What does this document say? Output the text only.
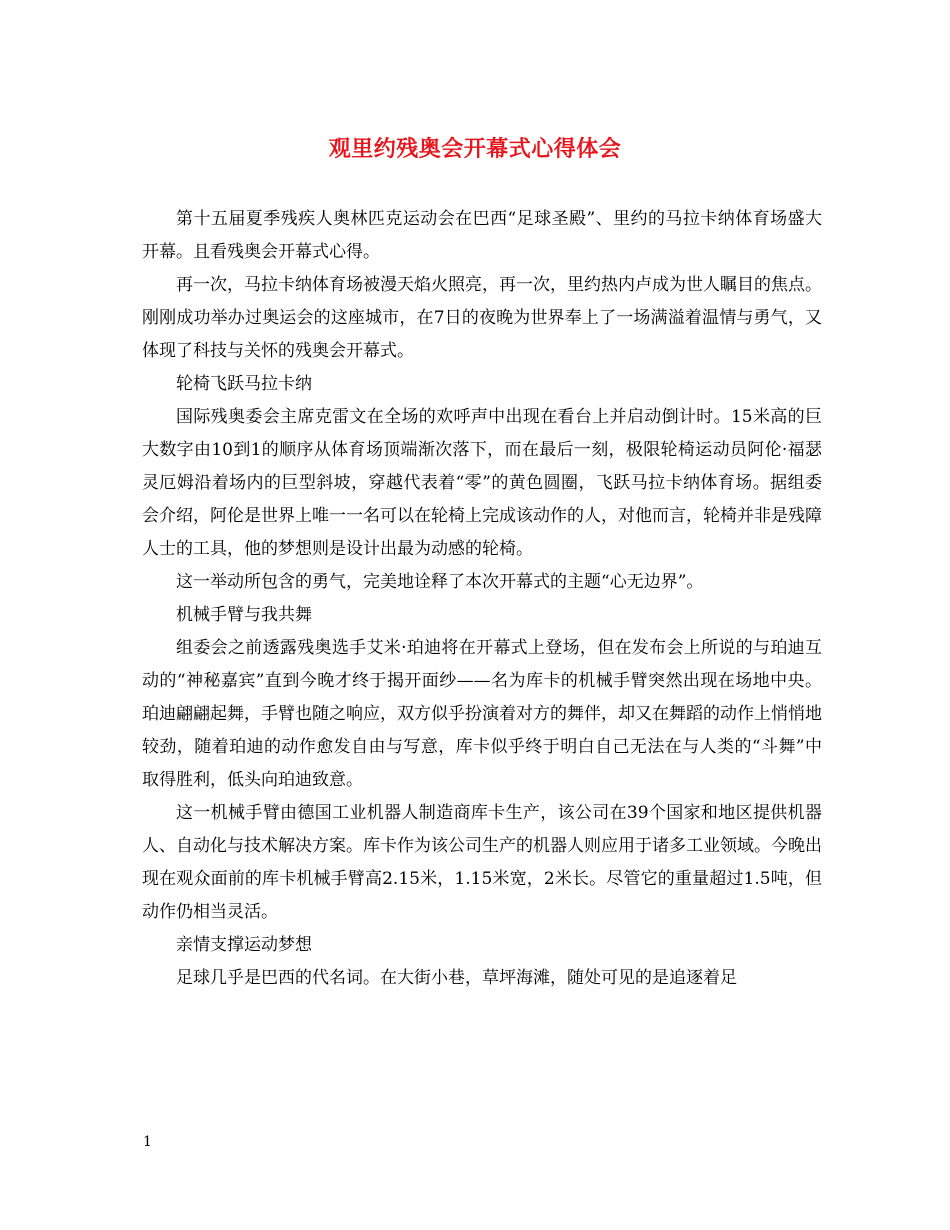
观里约残奥会开幕式心得体会

第十五届夏季残疾人奥林匹克运动会在巴西“足球圣殿”、里约的马拉卡纳体育场盛大开幕。且看残奥会开幕式心得。

再一次，马拉卡纳体育场被漫天焰火照亮，再一次，里约热内卢成为世人瞩目的焦点。刚刚成功举办过奥运会的这座城市，在7日的夜晚为世界奉上了一场满溢着温情与勇气，又体现了科技与关怀的残奥会开幕式。

轮椅飞跃马拉卡纳

国际残奥委会主席克雷文在全场的欢呼声中出现在看台上并启动倒计时。15米高的巨大数字由10到1的顺序从体育场顶端渐次落下，而在最后一刻，极限轮椅运动员阿伦·福瑟灵厄姆沿着场内的巨型斜坡，穿越代表着“零”的黄色圆圈，飞跃马拉卡纳体育场。据组委会介绍，阿伦是世界上唯一一名可以在轮椅上完成该动作的人，对他而言，轮椅并非是残障人士的工具，他的梦想则是设计出最为动感的轮椅。

这一举动所包含的勇气，完美地诠释了本次开幕式的主题“心无边界”。

机械手臂与我共舞

组委会之前透露残奥选手艾米·珀迪将在开幕式上登场，但在发布会上所说的与珀迪互动的“神秘嘉宾”直到今晚才终于揭开面纱——名为库卡的机械手臂突然出现在场地中央。珀迪翩翩起舞，手臂也随之响应，双方似乎扮演着对方的舞伴，却又在舞蹈的动作上悄悄地较劲，随着珀迪的动作愈发自由与写意，库卡似乎终于明白自己无法在与人类的“斗舞”中取得胜利，低头向珀迪致意。

这一机械手臂由德国工业机器人制造商库卡生产，该公司在39个国家和地区提供机器人、自动化与技术解决方案。库卡作为该公司生产的机器人则应用于诸多工业领域。今晚出现在观众面前的库卡机械手臂高2.15米，1.15米宽，2米长。尽管它的重量超过1.5吨，但动作仍相当灵活。

亲情支撑运动梦想

足球几乎是巴西的代名词。在大街小巷，草坪海滩，随处可见的是追逐着足

1
